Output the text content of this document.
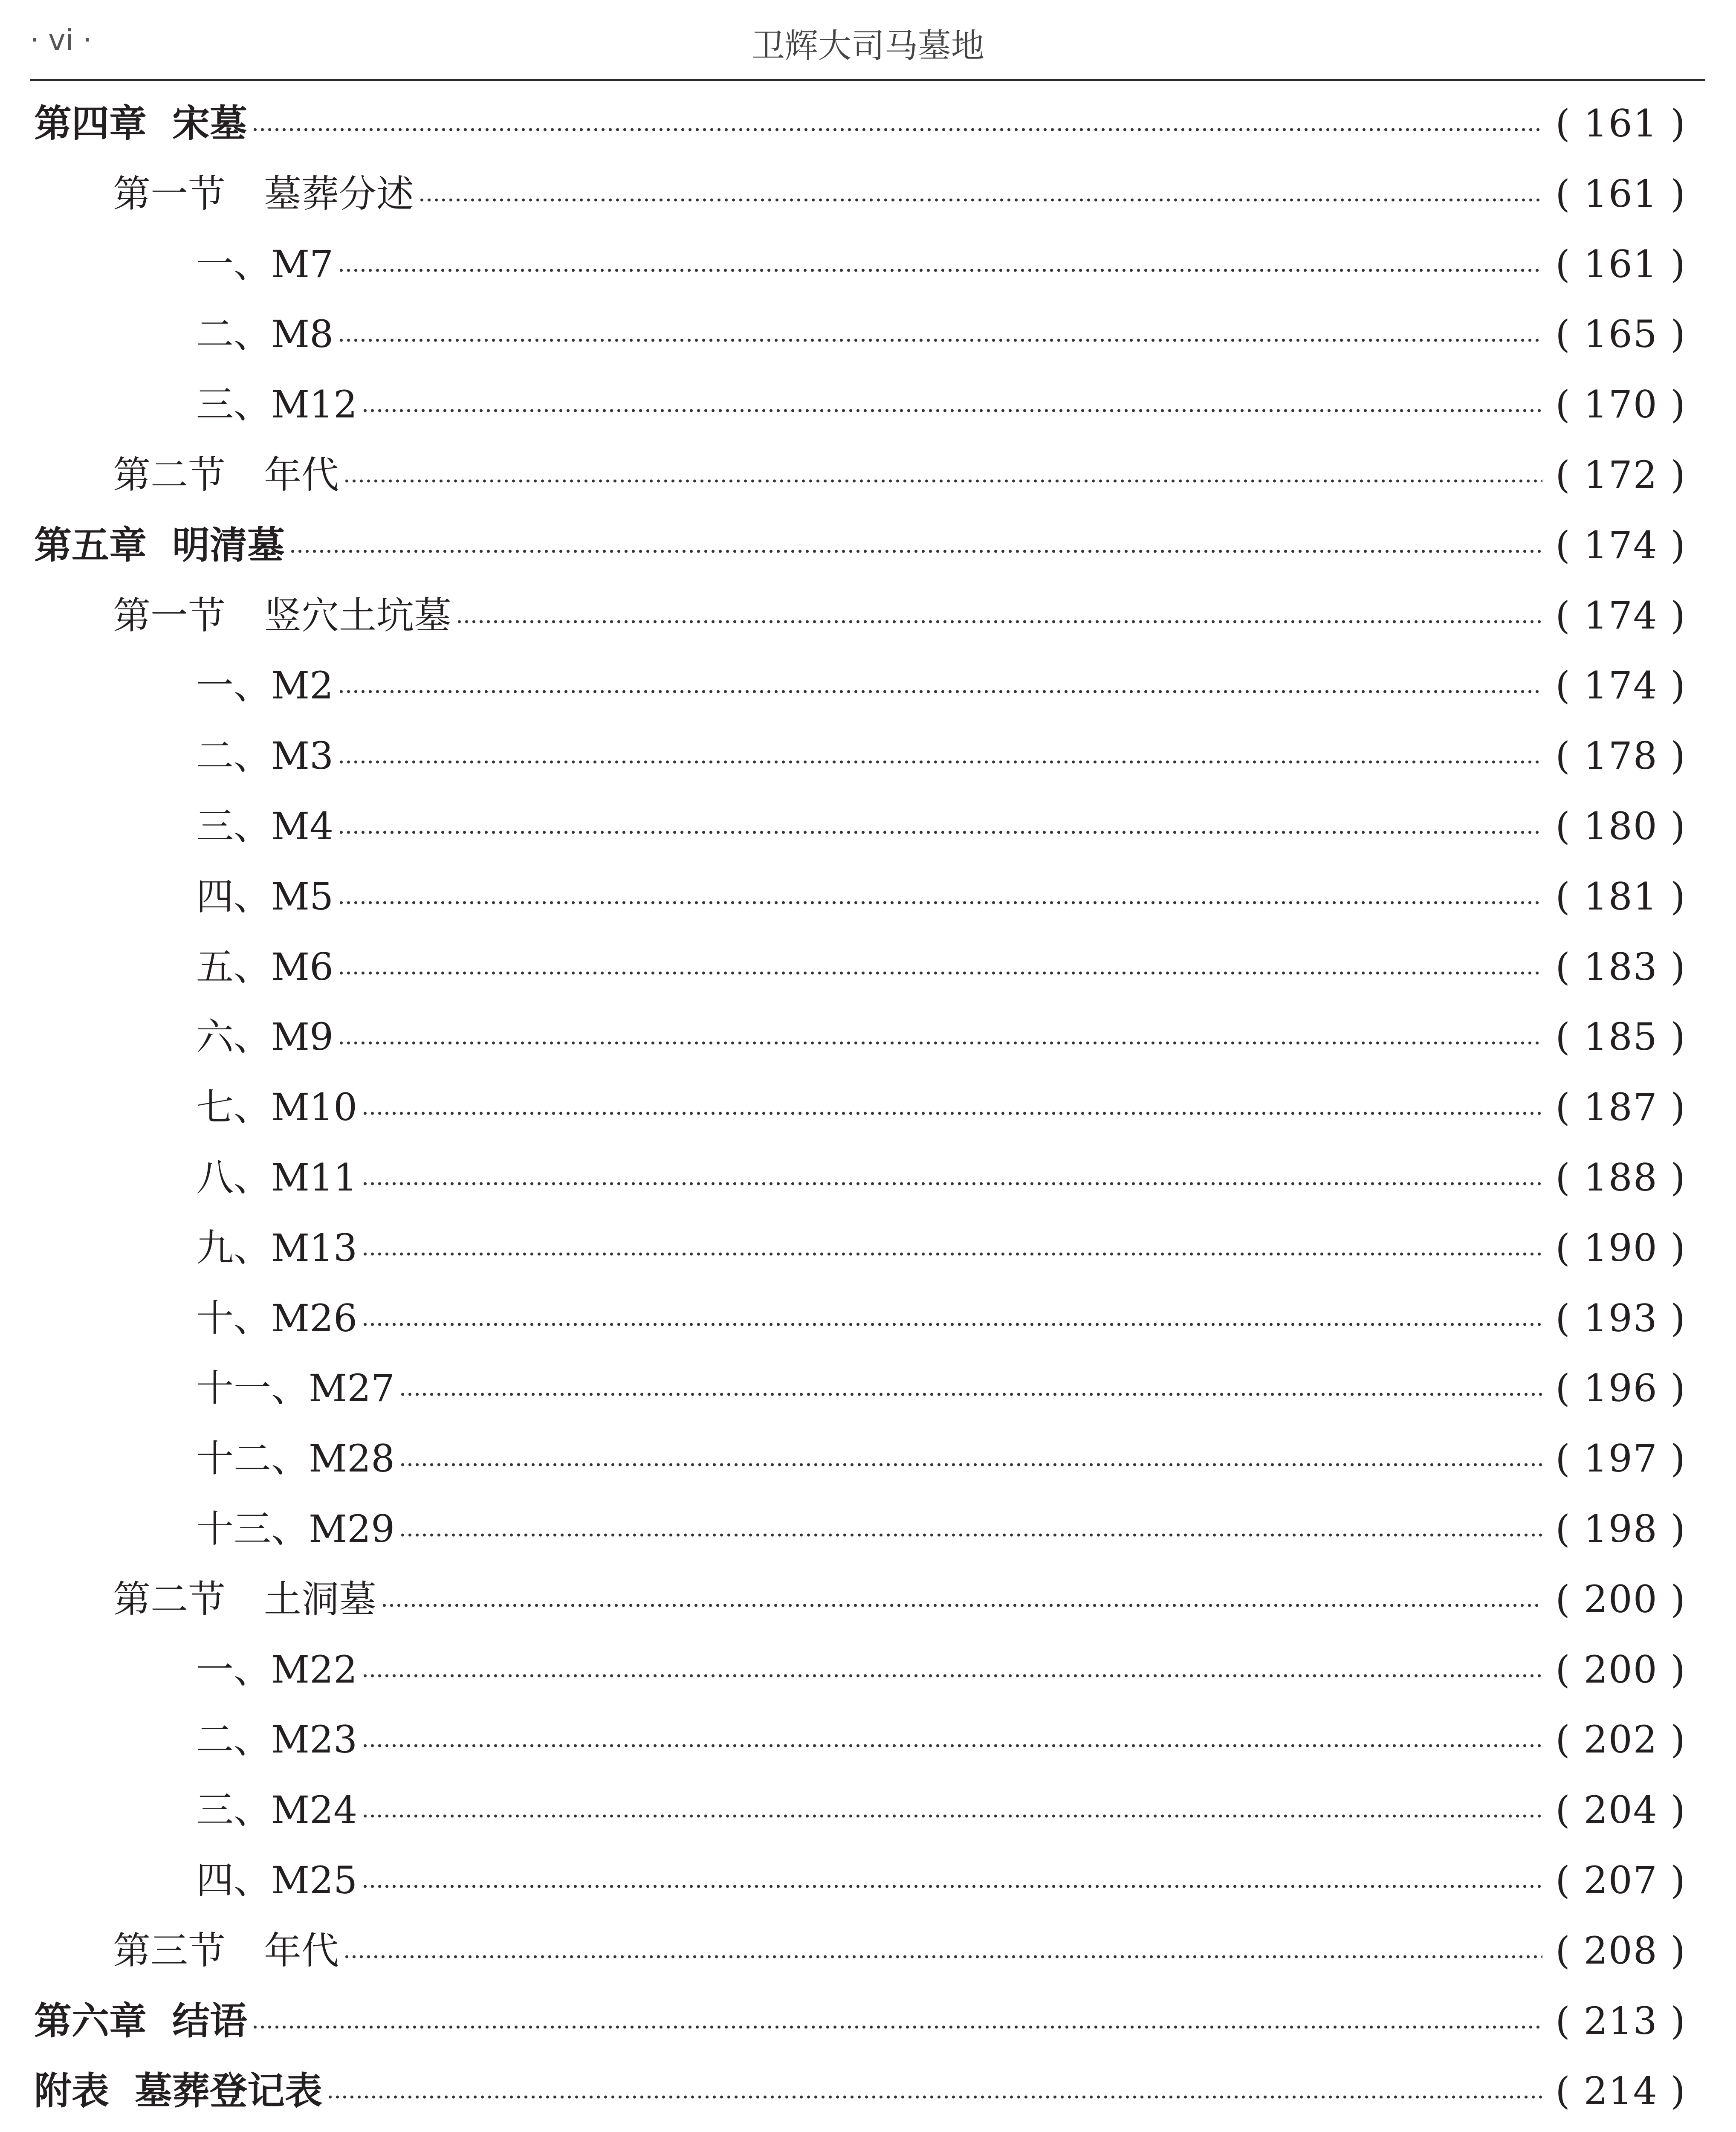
· vi ·	卫辉大司马墓地
第四章 宋墓	( 161 )
第一节 墓葬分述	( 161 )
一、 M7	( 161 )
二、 M8	( 165 )
三、 M12	( 170 )
第二节 年代	( 172 )
第五章 明清墓	( 174 )
第一节 竖穴土坑墓	( 174 )
一、 M2	( 174 )
二、 M3	( 178 )
三、 M4	( 180 )
四、 M5	( 181 )
五、 M6	( 183 )
六、 M9	( 185 )
七、 M10	( 187 )
八、 M11	( 188 )
九、 M13	( 190 )
十、 M26	( 193 )
十一、 M27	( 196 )
十二、 M28	( 197 )
十三、 M29	( 198 )
第二节 土洞墓	( 200 )
一、 M22	( 200 )
二、 M23	( 202 )
三、 M24	( 204 )
四、 M25	( 207 )
第三节 年代	( 208 )
第六章 结语	( 213 )
附表 墓葬登记表	( 214 )
